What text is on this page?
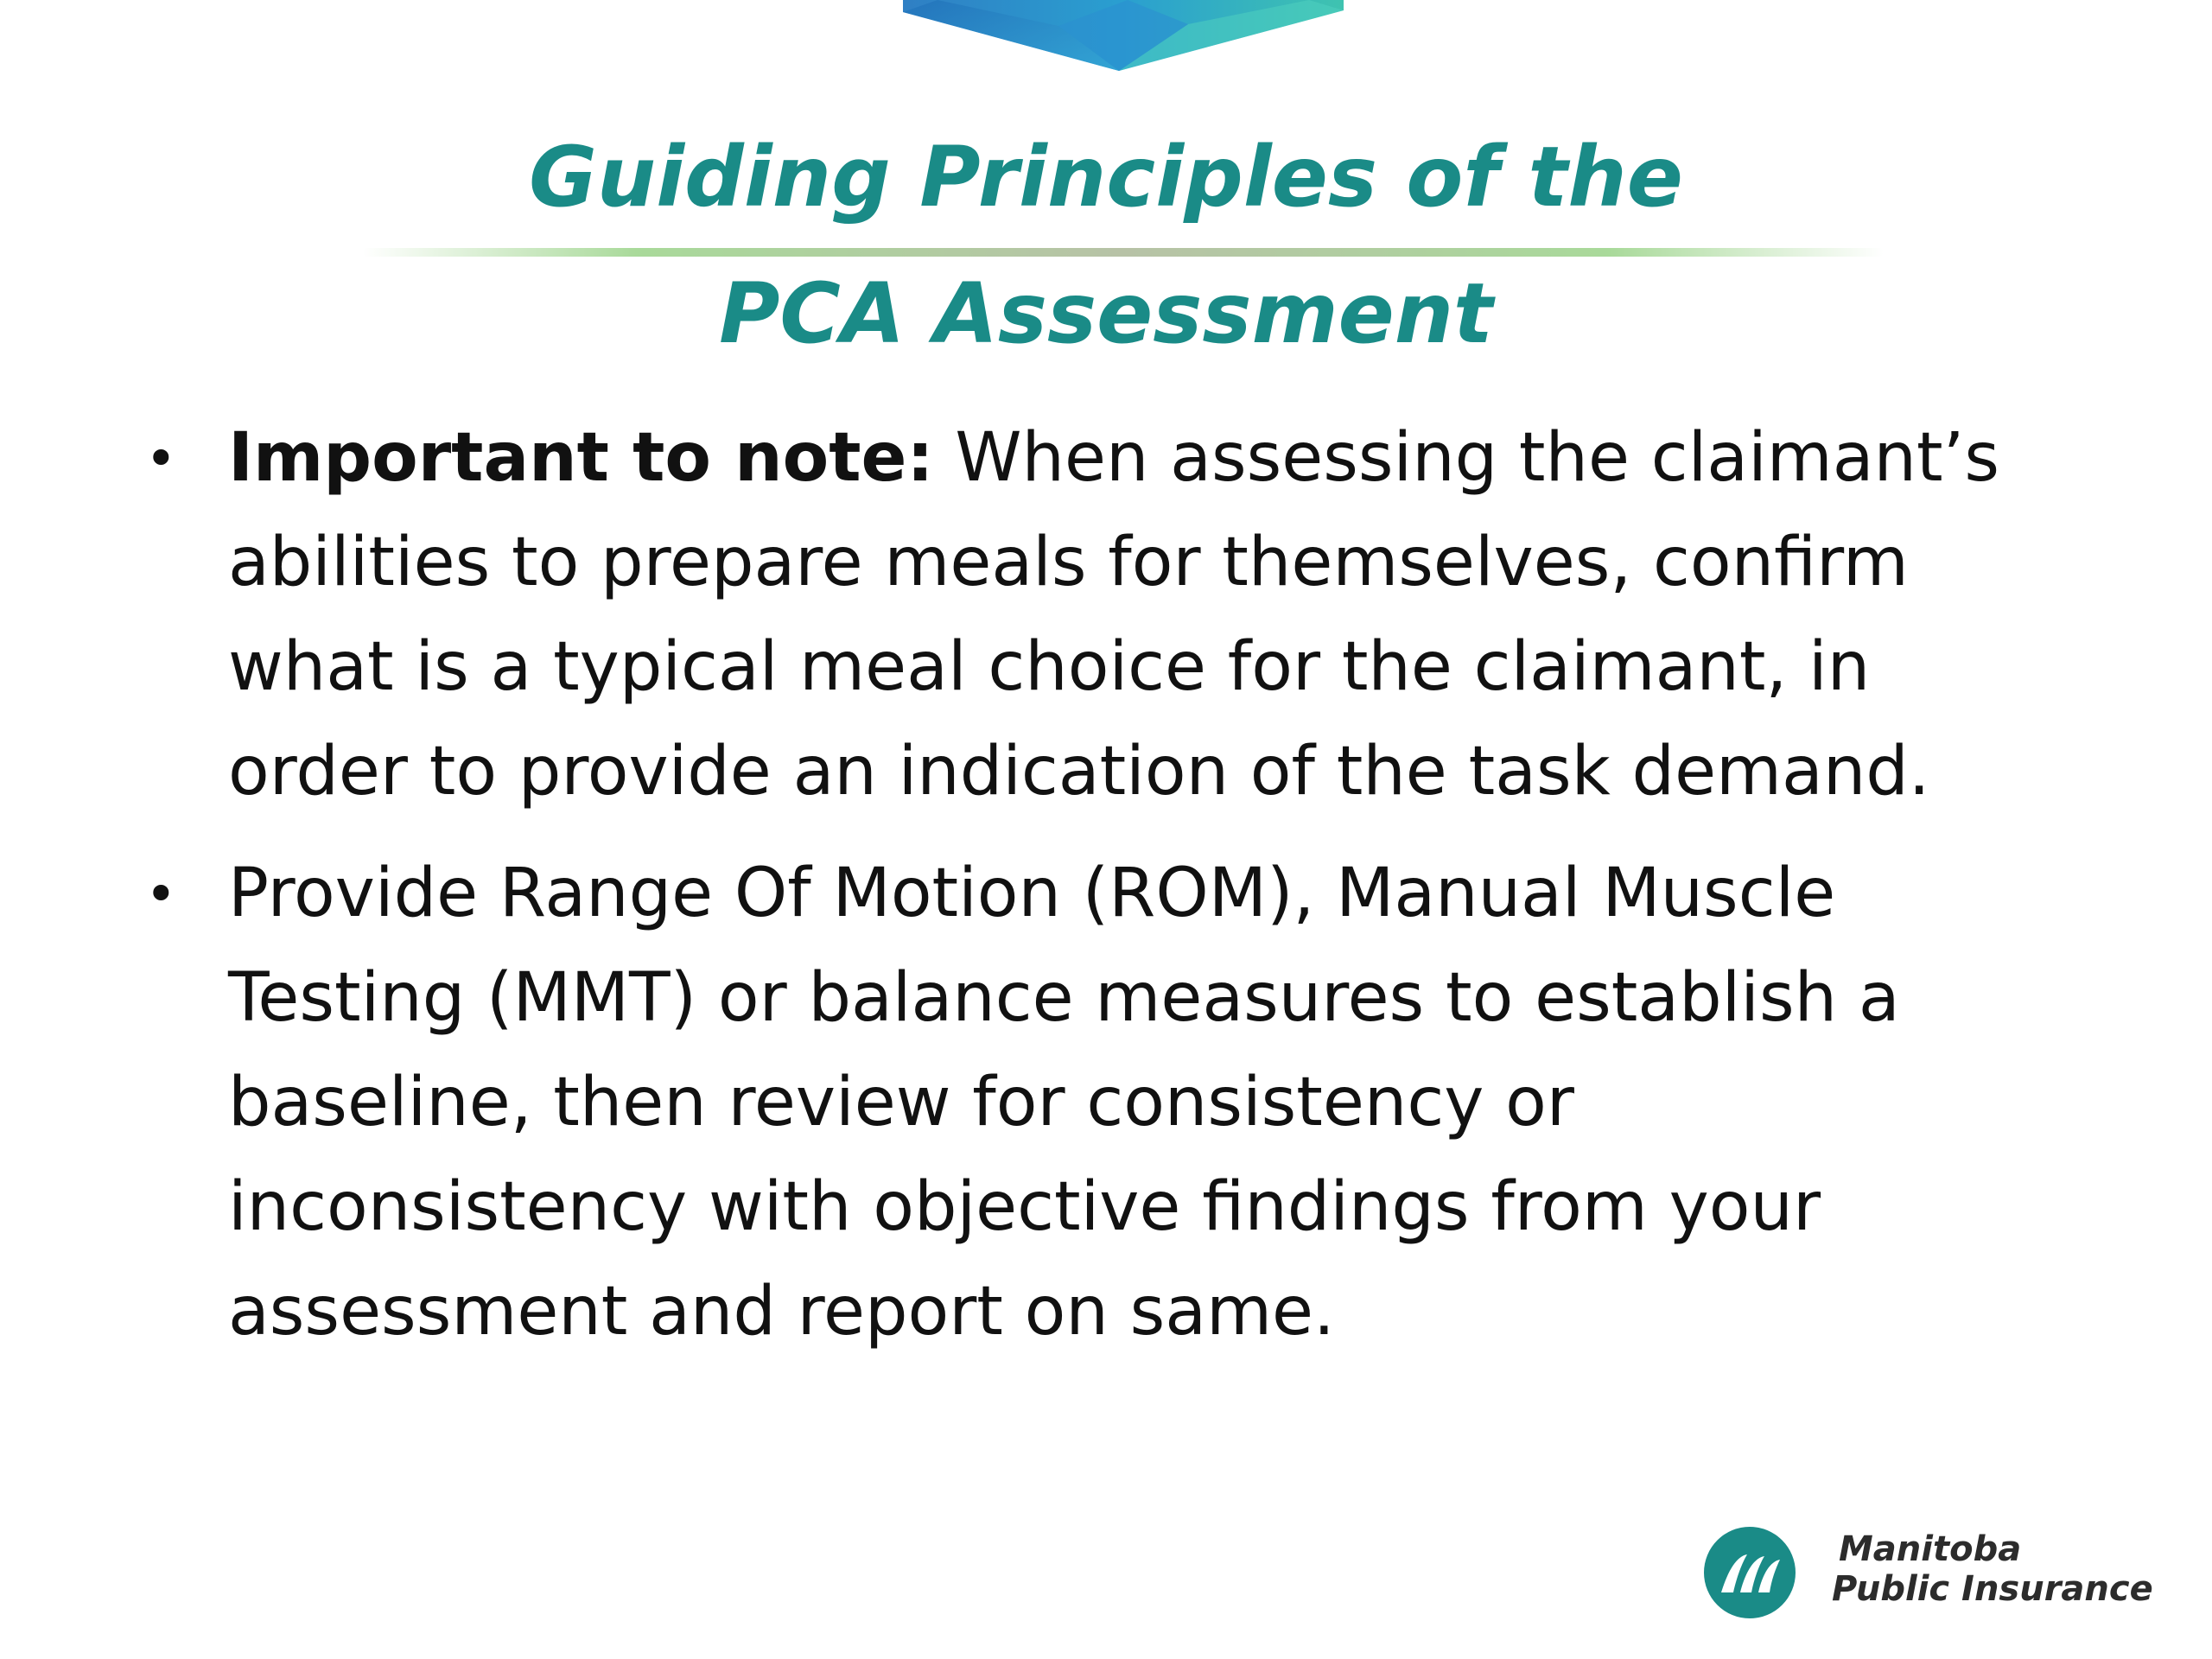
Guiding Principles of the
PCA Assessment
• Important to note: When assessing the claimant’s
abilities to prepare meals for themselves, confirm
what is a typical meal choice for the claimant, in
order to provide an indication of the task demand.
• Provide Range Of Motion (ROM), Manual Muscle
Testing (MMT) or balance measures to establish a
baseline, then review for consistency or
inconsistency with objective findings from your
assessment and report on same.
Manitoba
Public Insurance
